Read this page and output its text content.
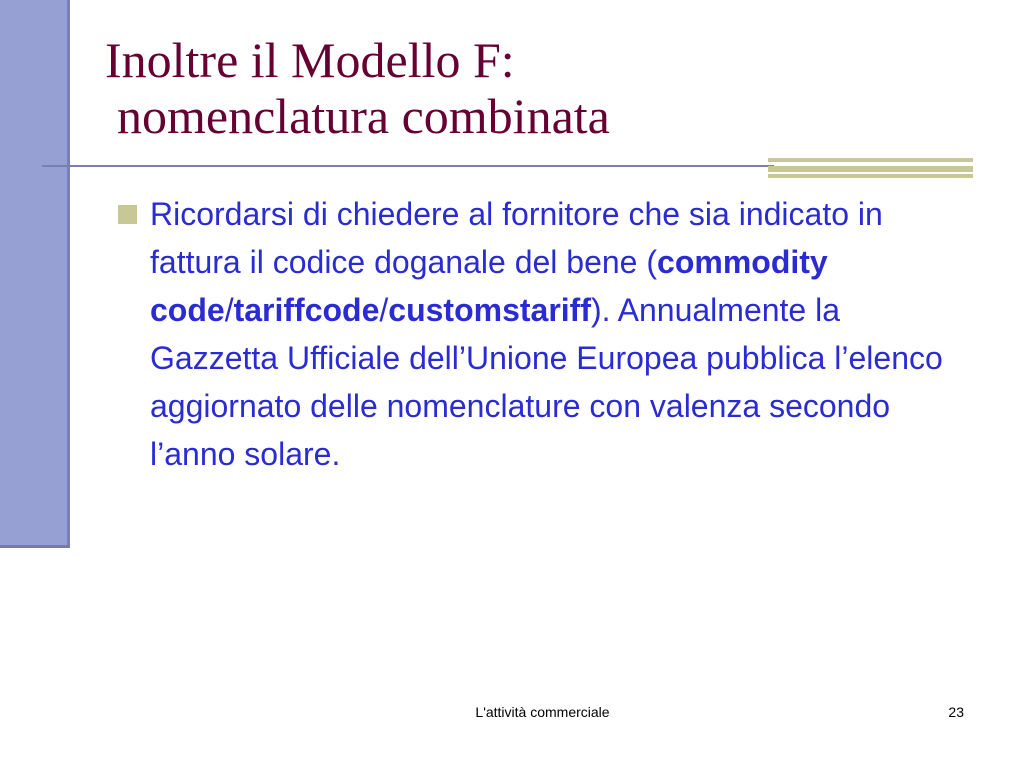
Inoltre il Modello F:
nomenclatura combinata
Ricordarsi di chiedere al fornitore che sia indicato in fattura il codice doganale del bene (commodity code/tariffcode/customstariff). Annualmente la Gazzetta Ufficiale dell’Unione Europea pubblica l’elenco aggiornato delle nomenclature con valenza secondo l’anno solare.
L'attività commerciale	23
